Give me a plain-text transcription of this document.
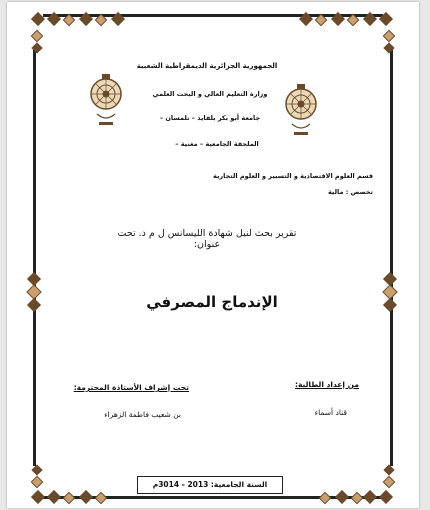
الجمهورية الجزائرية الديمقراطية الشعبية
وزارة التعليم العالي و البحث العلمي
جامعة أبو بكر بلقايد – تلمسان –
الملحقة الجامعية – مغنية –
قسم العلوم الاقتصادية و التسيير و العلوم التجارية
تخصص : مالية
تقرير بحث لنيل شهادة الليسانس ل م د. تحت عنوان:
الإندماج المصرفي
من إعداد الطالبة:
تحت إشراف الأستاذة المحترمة:
قناد أسماء
بن شعيب فاطمة الزهراء
السنة الجامعية: 2013 - 3014م
